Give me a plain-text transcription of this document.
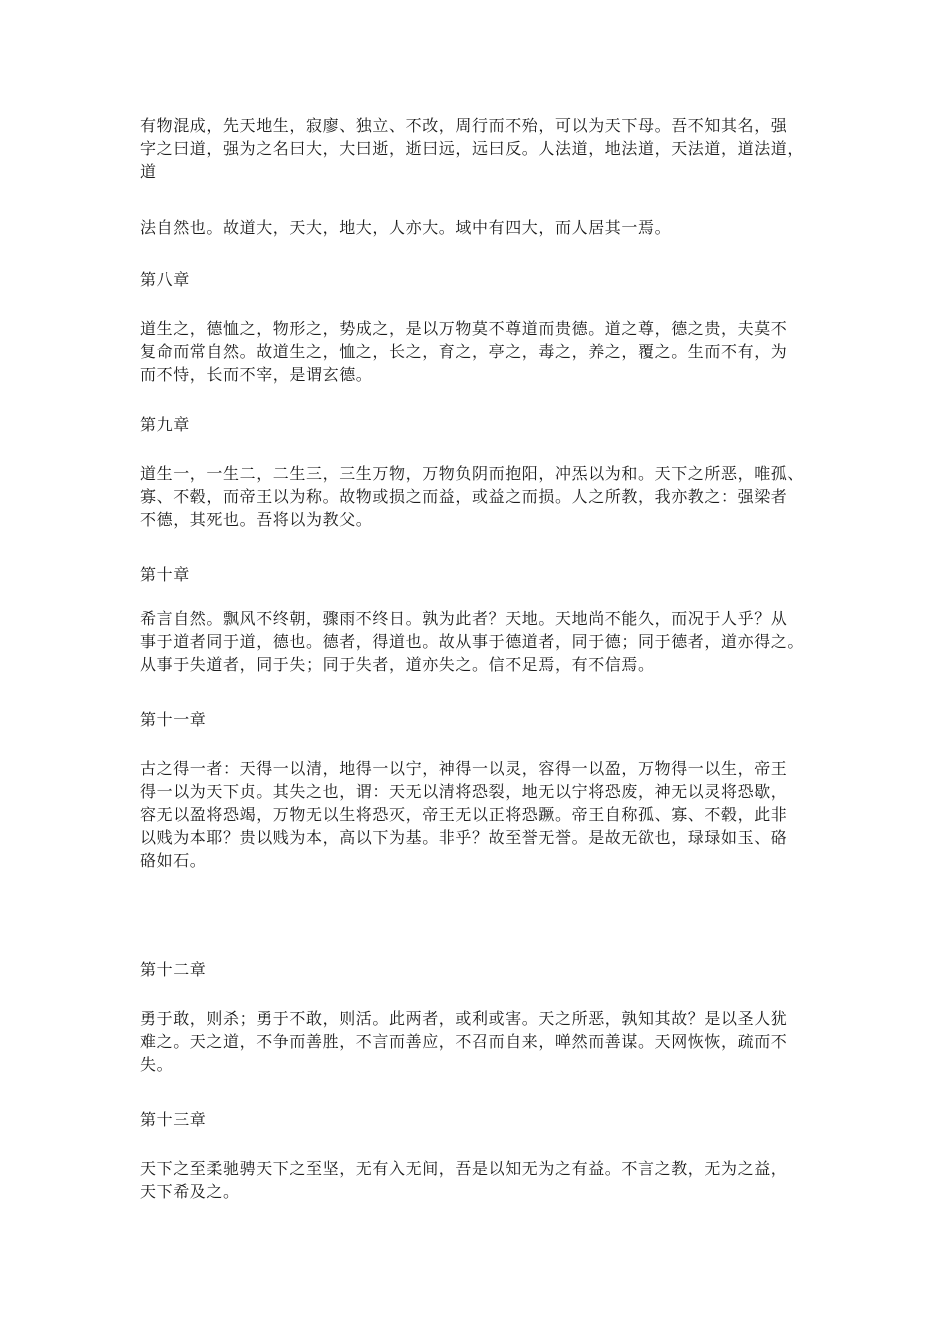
有物混成，先天地生，寂廖、独立、不改，周行而不殆，可以为天下母。吾不知其名，强
字之曰道，强为之名曰大，大曰逝，逝曰远，远曰反。人法道，地法道，天法道，道法道，
道

法自然也。故道大，天大，地大，人亦大。域中有四大，而人居其一焉。

第八章

道生之，德恤之，物形之，势成之，是以万物莫不尊道而贵德。道之尊，德之贵，夫莫不
复命而常自然。故道生之，恤之，长之，育之，亭之，毒之，养之，覆之。生而不有，为
而不恃，长而不宰，是谓玄德。

第九章

道生一，一生二，二生三，三生万物，万物负阴而抱阳，冲炁以为和。天下之所恶，唯孤、
寡、不毂，而帝王以为称。故物或损之而益，或益之而损。人之所教，我亦教之：强梁者
不德，其死也。吾将以为教父。

第十章

希言自然。飘风不终朝，骤雨不终日。孰为此者？天地。天地尚不能久，而况于人乎？从
事于道者同于道，德也。德者，得道也。故从事于德道者，同于德；同于德者，道亦得之。
从事于失道者，同于失；同于失者，道亦失之。信不足焉，有不信焉。

第十一章

古之得一者：天得一以清，地得一以宁，神得一以灵，容得一以盈，万物得一以生，帝王
得一以为天下贞。其失之也，谓：天无以清将恐裂，地无以宁将恐废，神无以灵将恐歇，
容无以盈将恐竭，万物无以生将恐灭，帝王无以正将恐蹶。帝王自称孤、寡、不毂，此非
以贱为本耶？贵以贱为本，高以下为基。非乎？故至誉无誉。是故无欲也，琭琭如玉、硌
硌如石。

第十二章

勇于敢，则杀；勇于不敢，则活。此两者，或利或害。天之所恶，孰知其故？是以圣人犹
难之。天之道，不争而善胜，不言而善应，不召而自来，啴然而善谋。天网恢恢，疏而不
失。

第十三章

天下之至柔驰骋天下之至坚，无有入无间，吾是以知无为之有益。不言之教，无为之益，
天下希及之。
